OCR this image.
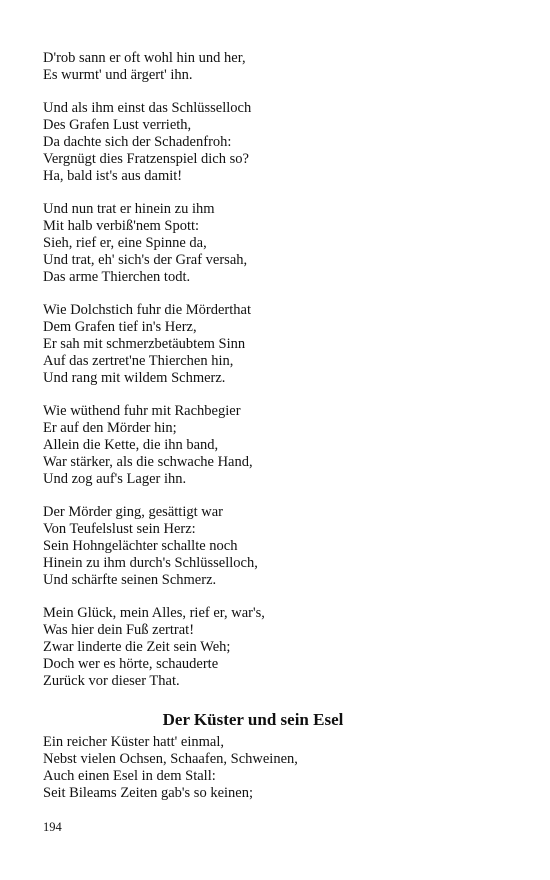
D'rob sann er oft wohl hin und her,
Es wurmt' und ärgert' ihn.
Und als ihm einst das Schlüsselloch
Des Grafen Lust verrieth,
Da dachte sich der Schadenfroh:
Vergnügt dies Fratzenspiel dich so?
Ha, bald ist's aus damit!
Und nun trat er hinein zu ihm
Mit halb verbiß'nem Spott:
Sieh, rief er, eine Spinne da,
Und trat, eh' sich's der Graf versah,
Das arme Thierchen todt.
Wie Dolchstich fuhr die Mörderthat
Dem Grafen tief in's Herz,
Er sah mit schmerzbetäubtem Sinn
Auf das zertret'ne Thierchen hin,
Und rang mit wildem Schmerz.
Wie wüthend fuhr mit Rachbegier
Er auf den Mörder hin;
Allein die Kette, die ihn band,
War stärker, als die schwache Hand,
Und zog auf's Lager ihn.
Der Mörder ging, gesättigt war
Von Teufelslust sein Herz:
Sein Hohngelächter schallte noch
Hinein zu ihm durch's Schlüsselloch,
Und schärfte seinen Schmerz.
Mein Glück, mein Alles, rief er, war's,
Was hier dein Fuß zertrat!
Zwar linderte die Zeit sein Weh;
Doch wer es hörte, schauderte
Zurück vor dieser That.
Der Küster und sein Esel
Ein reicher Küster hatt' einmal,
Nebst vielen Ochsen, Schaafen, Schweinen,
Auch einen Esel in dem Stall:
Seit Bileams Zeiten gab's so keinen;
194
